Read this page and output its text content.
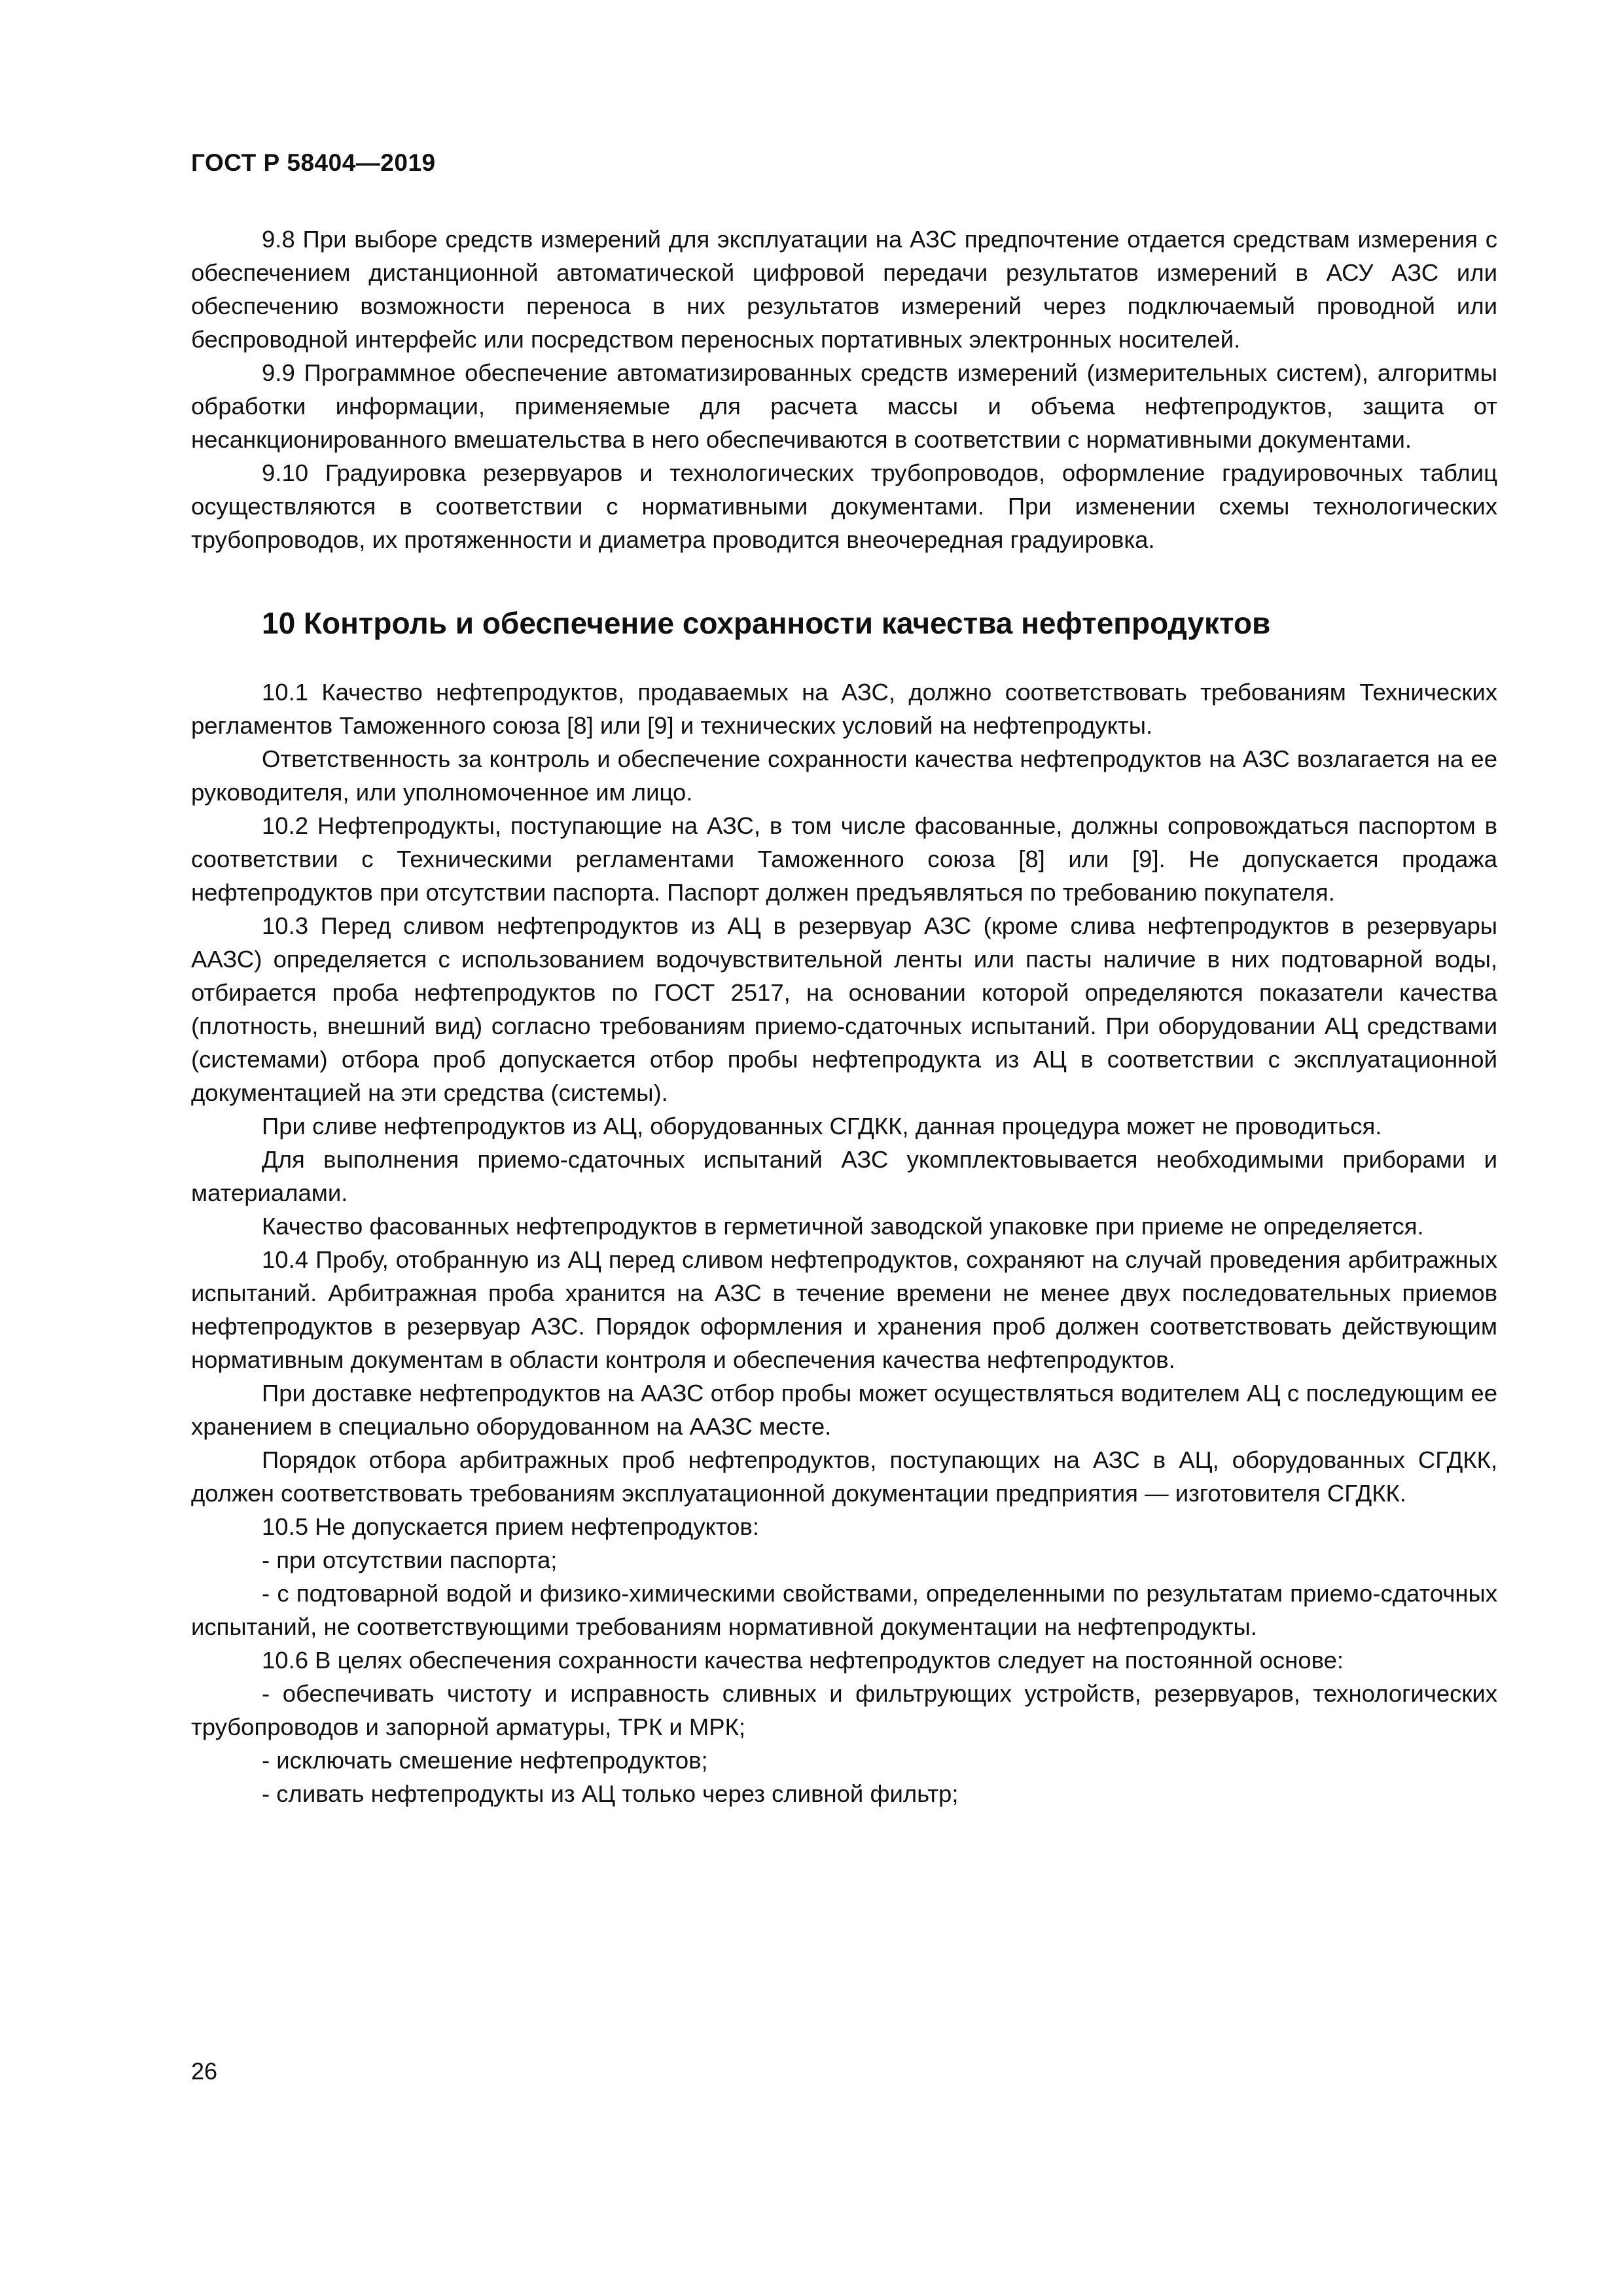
ГОСТ Р 58404—2019

9.8 При выборе средств измерений для эксплуатации на АЗС предпочтение отдается средствам измерения с обеспечением дистанционной автоматической цифровой передачи результатов измерений в АСУ АЗС или обеспечению возможности переноса в них результатов измерений через подключаемый проводной или беспроводной интерфейс или посредством переносных портативных электронных носителей.

9.9 Программное обеспечение автоматизированных средств измерений (измерительных систем), алгоритмы обработки информации, применяемые для расчета массы и объема нефтепродуктов, защита от несанкционированного вмешательства в него обеспечиваются в соответствии с нормативными документами.

9.10 Градуировка резервуаров и технологических трубопроводов, оформление градуировочных таблиц осуществляются в соответствии с нормативными документами. При изменении схемы технологических трубопроводов, их протяженности и диаметра проводится внеочередная градуировка.

10 Контроль и обеспечение сохранности качества нефтепродуктов

10.1 Качество нефтепродуктов, продаваемых на АЗС, должно соответствовать требованиям Технических регламентов Таможенного союза [8] или [9] и технических условий на нефтепродукты.

Ответственность за контроль и обеспечение сохранности качества нефтепродуктов на АЗС возлагается на ее руководителя, или уполномоченное им лицо.

10.2 Нефтепродукты, поступающие на АЗС, в том числе фасованные, должны сопровождаться паспортом в соответствии с Техническими регламентами Таможенного союза [8] или [9]. Не допускается продажа нефтепродуктов при отсутствии паспорта. Паспорт должен предъявляться по требованию покупателя.

10.3 Перед сливом нефтепродуктов из АЦ в резервуар АЗС (кроме слива нефтепродуктов в резервуары ААЗС) определяется с использованием водочувствительной ленты или пасты наличие в них подтоварной воды, отбирается проба нефтепродуктов по ГОСТ 2517, на основании которой определяются показатели качества (плотность, внешний вид) согласно требованиям приемо-сдаточных испытаний. При оборудовании АЦ средствами (системами) отбора проб допускается отбор пробы нефтепродукта из АЦ в соответствии с эксплуатационной документацией на эти средства (системы).

При сливе нефтепродуктов из АЦ, оборудованных СГДКК, данная процедура может не проводиться.

Для выполнения приемо-сдаточных испытаний АЗС укомплектовывается необходимыми приборами и материалами.

Качество фасованных нефтепродуктов в герметичной заводской упаковке при приеме не определяется.

10.4 Пробу, отобранную из АЦ перед сливом нефтепродуктов, сохраняют на случай проведения арбитражных испытаний. Арбитражная проба хранится на АЗС в течение времени не менее двух последовательных приемов нефтепродуктов в резервуар АЗС. Порядок оформления и хранения проб должен соответствовать действующим нормативным документам в области контроля и обеспечения качества нефтепродуктов.

При доставке нефтепродуктов на ААЗС отбор пробы может осуществляться водителем АЦ с последующим ее хранением в специально оборудованном на ААЗС месте.

Порядок отбора арбитражных проб нефтепродуктов, поступающих на АЗС в АЦ, оборудованных СГДКК, должен соответствовать требованиям эксплуатационной документации предприятия — изготовителя СГДКК.

10.5 Не допускается прием нефтепродуктов:

- при отсутствии паспорта;

- с подтоварной водой и физико-химическими свойствами, определенными по результатам приемо-сдаточных испытаний, не соответствующими требованиям нормативной документации на нефтепродукты.

10.6 В целях обеспечения сохранности качества нефтепродуктов следует на постоянной основе:

- обеспечивать чистоту и исправность сливных и фильтрующих устройств, резервуаров, технологических трубопроводов и запорной арматуры, ТРК и МРК;

- исключать смешение нефтепродуктов;

- сливать нефтепродукты из АЦ только через сливной фильтр;

26
